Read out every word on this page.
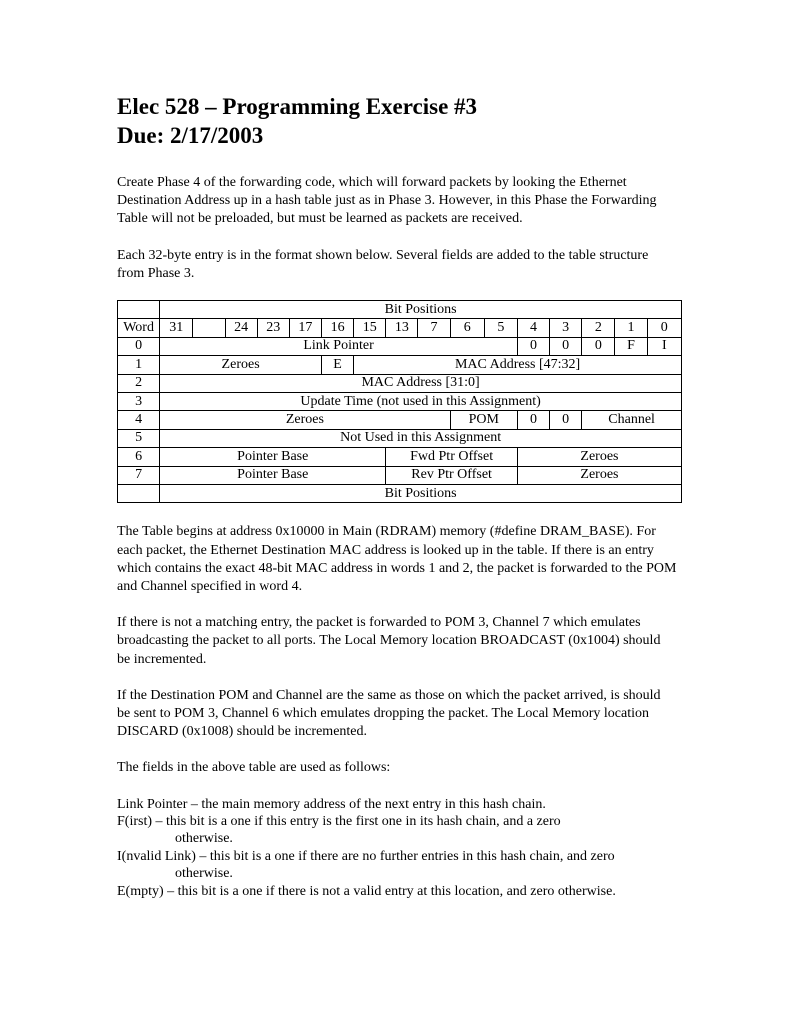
Elec 528 – Programming Exercise #3
Due: 2/17/2003

Create Phase 4 of the forwarding code, which will forward packets by looking the Ethernet Destination Address up in a hash table just as in Phase 3. However, in this Phase the Forwarding Table will not be preloaded, but must be learned as packets are received.

Each 32-byte entry is in the format shown below. Several fields are added to the table structure from Phase 3.

	Bit Positions															
Word	31		24	23	17	16	15	13	7	6	5	4	3	2	1	0
0	Link Pointer											0	0	0	F	I
1	Zeroes					E	MAC Address [47:32]									
2	MAC Address [31:0]															
3	Update Time (not used in this Assignment)															
4	Zeroes									POM		0	0	Channel		
5	Not Used in this Assignment															
6	Pointer Base							Fwd Ptr Offset				Zeroes				
7	Pointer Base							Rev Ptr Offset				Zeroes				
	Bit Positions															

The Table begins at address 0x10000 in Main (RDRAM) memory (#define DRAM_BASE). For each packet, the Ethernet Destination MAC address is looked up in the table. If there is an entry which contains the exact 48-bit MAC address in words 1 and 2, the packet is forwarded to the POM and Channel specified in word 4.

If there is not a matching entry, the packet is forwarded to POM 3, Channel 7 which emulates broadcasting the packet to all ports. The Local Memory location BROADCAST (0x1004) should be incremented.

If the Destination POM and Channel are the same as those on which the packet arrived, is should be sent to POM 3, Channel 6 which emulates dropping the packet. The Local Memory location DISCARD (0x1008) should be incremented.

The fields in the above table are used as follows:

Link Pointer – the main memory address of the next entry in this hash chain.
F(irst) – this bit is a one if this entry is the first one in its hash chain, and a zero
otherwise.
I(nvalid Link) – this bit is a one if there are no further entries in this hash chain, and zero
otherwise.
E(mpty) – this bit is a one if there is not a valid entry at this location, and zero otherwise.
